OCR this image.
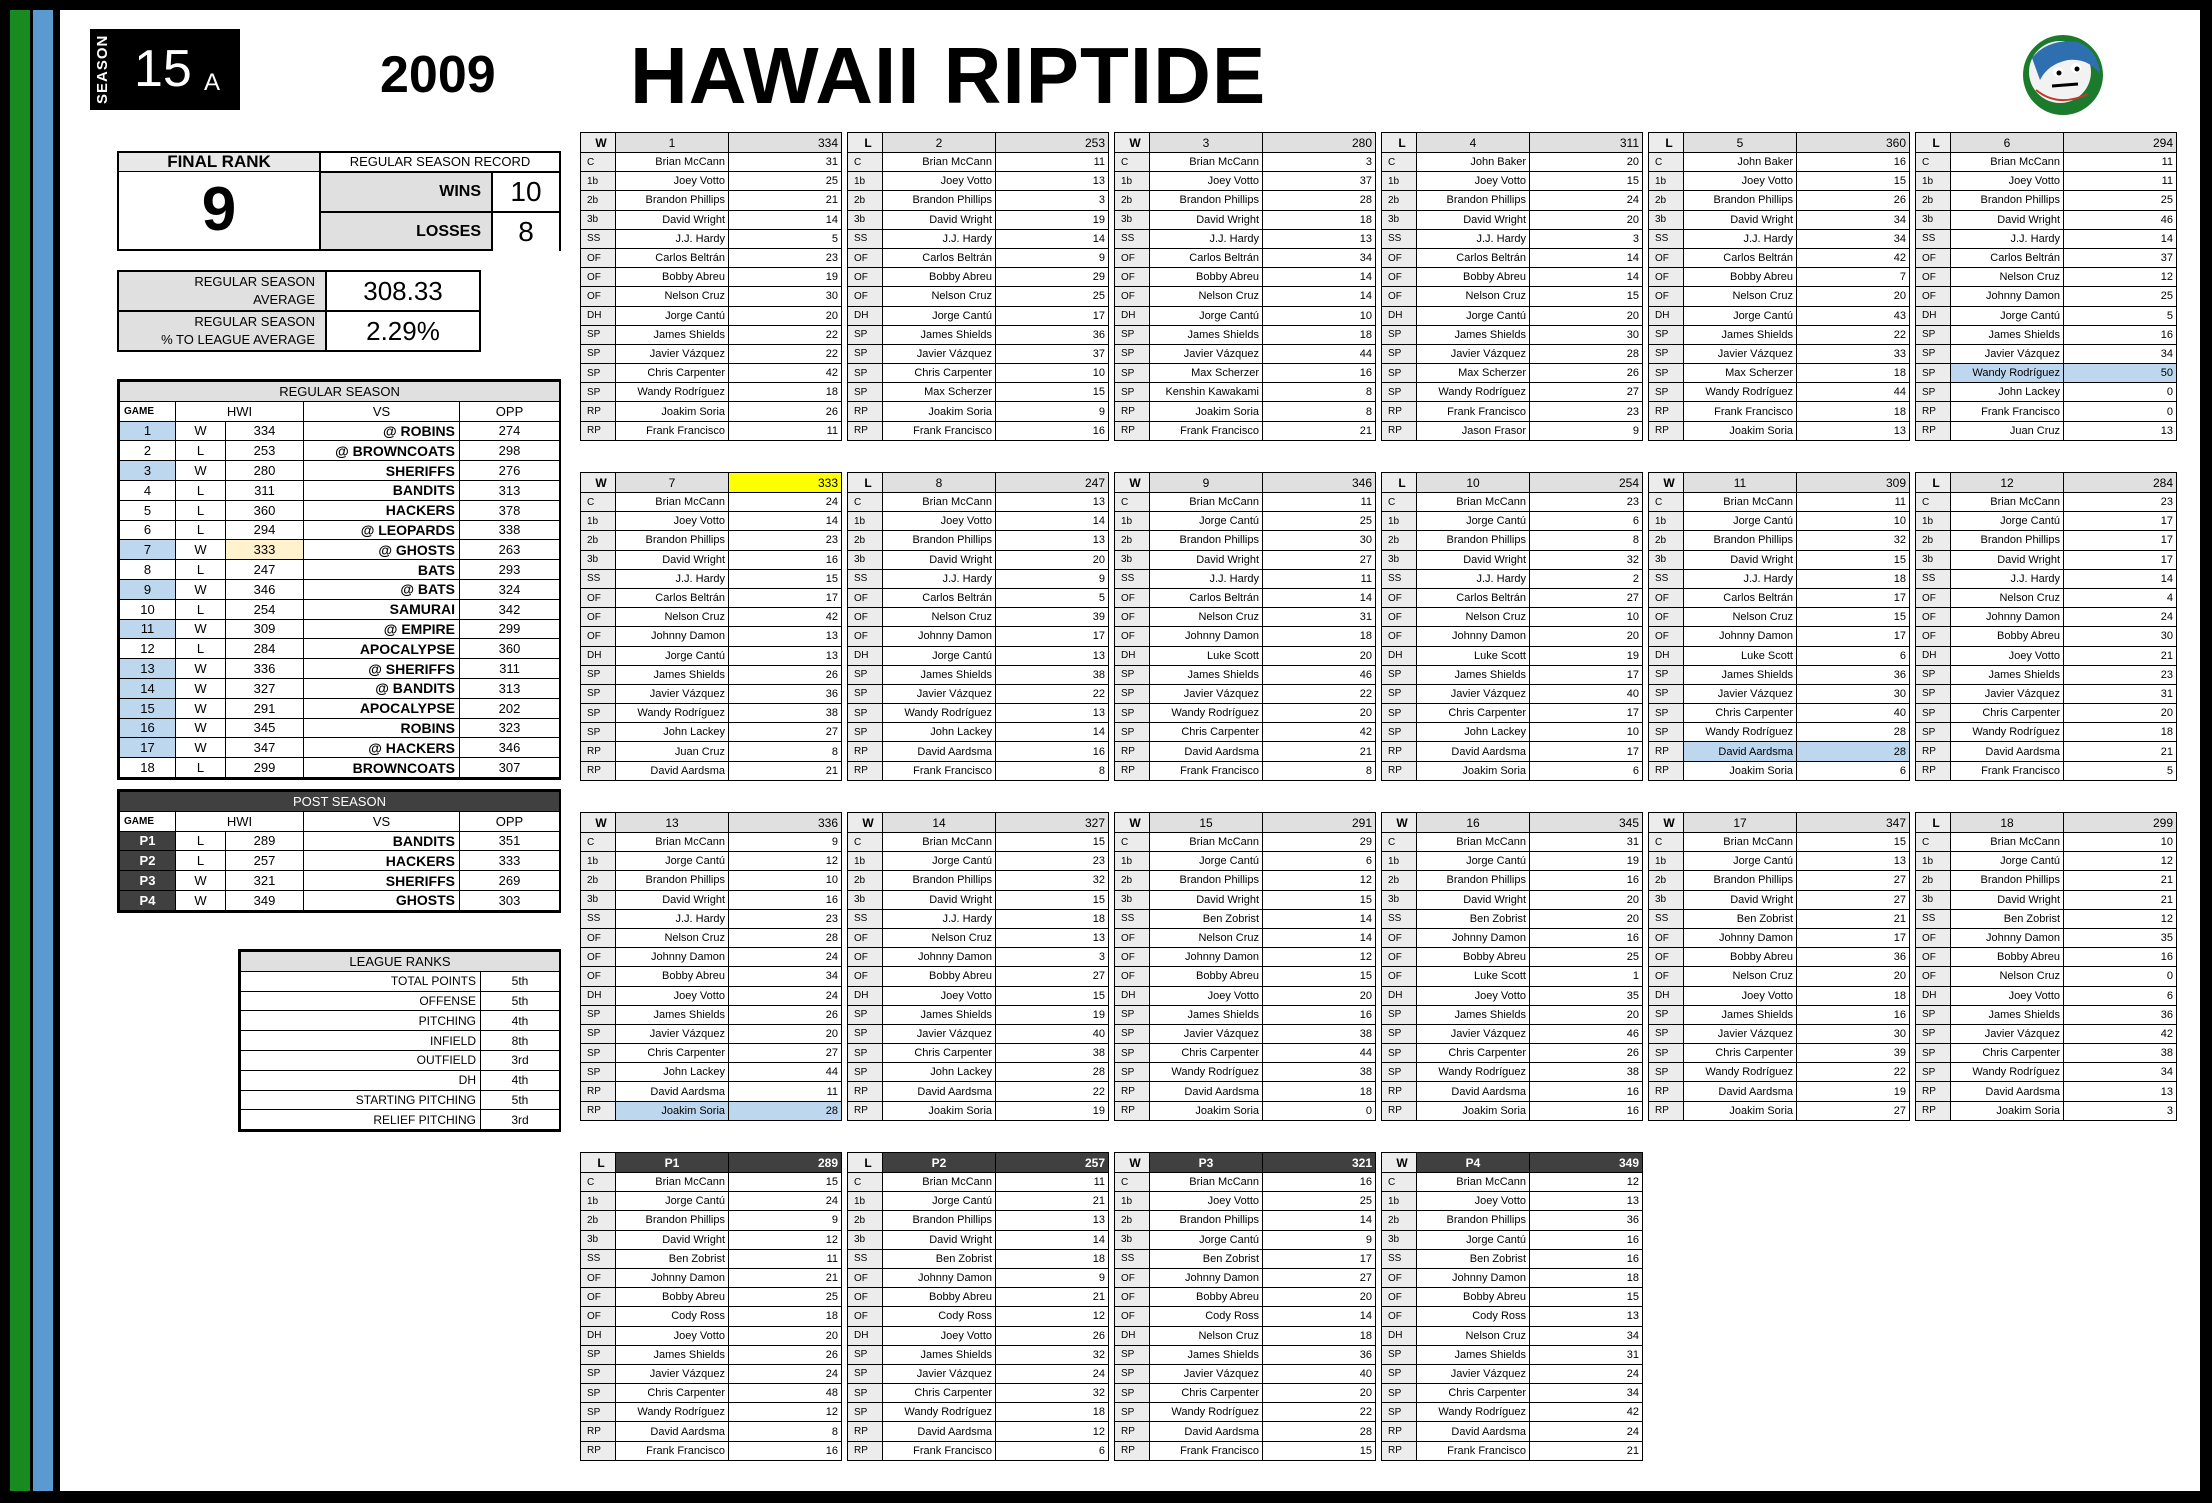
SEASON 15 A	2009 HAWAII RIPTIDE
FINAL RANK
9
REGULAR SEASON RECORD
WINS	10
LOSSES	8
REGULAR SEASON
AVERAGE	308.33
REGULAR SEASON
% TO LEAGUE AVERAGE	2.29%
REGULAR SEASON				
GAME	HWI		VS	OPP
1	W	334	@ ROBINS	274
2	L	253	@ BROWNCOATS	298
3	W	280	SHERIFFS	276
4	L	311	BANDITS	313
5	L	360	HACKERS	378
6	L	294	@ LEOPARDS	338
7	W	333	@ GHOSTS	263
8	L	247	BATS	293
9	W	346	@ BATS	324
10	L	254	SAMURAI	342
11	W	309	@ EMPIRE	299
12	L	284	APOCALYPSE	360
13	W	336	@ SHERIFFS	311
14	W	327	@ BANDITS	313
15	W	291	APOCALYPSE	202
16	W	345	ROBINS	323
17	W	347	@ HACKERS	346
18	L	299	BROWNCOATS	307
POST SEASON				
GAME	HWI		VS	OPP
P1	L	289	BANDITS	351
P2	L	257	HACKERS	333
P3	W	321	SHERIFFS	269
P4	W	349	GHOSTS	303
LEAGUE RANKS	
TOTAL POINTS	5th
OFFENSE	5th
PITCHING	4th
INFIELD	8th
OUTFIELD	3rd
DH	4th
STARTING PITCHING	5th
RELIEF PITCHING	3rd
W	1	334
C	Brian McCann	31
1b	Joey Votto	25
2b	Brandon Phillips	21
3b	David Wright	14
SS	J.J. Hardy	5
OF	Carlos Beltrán	23
OF	Bobby Abreu	19
OF	Nelson Cruz	30
DH	Jorge Cantú	20
SP	James Shields	22
SP	Javier Vázquez	22
SP	Chris Carpenter	42
SP	Wandy Rodríguez	18
RP	Joakim Soria	26
RP	Frank Francisco	11
L	2	253
C	Brian McCann	11
1b	Joey Votto	13
2b	Brandon Phillips	3
3b	David Wright	19
SS	J.J. Hardy	14
OF	Carlos Beltrán	9
OF	Bobby Abreu	29
OF	Nelson Cruz	25
DH	Jorge Cantú	17
SP	James Shields	36
SP	Javier Vázquez	37
SP	Chris Carpenter	10
SP	Max Scherzer	15
RP	Joakim Soria	9
RP	Frank Francisco	16
W	3	280
C	Brian McCann	3
1b	Joey Votto	37
2b	Brandon Phillips	28
3b	David Wright	18
SS	J.J. Hardy	13
OF	Carlos Beltrán	34
OF	Bobby Abreu	14
OF	Nelson Cruz	14
DH	Jorge Cantú	10
SP	James Shields	18
SP	Javier Vázquez	44
SP	Max Scherzer	16
SP	Kenshin Kawakami	8
RP	Joakim Soria	8
RP	Frank Francisco	21
L	4	311
C	John Baker	20
1b	Joey Votto	15
2b	Brandon Phillips	24
3b	David Wright	20
SS	J.J. Hardy	3
OF	Carlos Beltrán	14
OF	Bobby Abreu	14
OF	Nelson Cruz	15
DH	Jorge Cantú	20
SP	James Shields	30
SP	Javier Vázquez	28
SP	Max Scherzer	26
SP	Wandy Rodríguez	27
RP	Frank Francisco	23
RP	Jason Frasor	9
L	5	360
C	John Baker	16
1b	Joey Votto	15
2b	Brandon Phillips	26
3b	David Wright	34
SS	J.J. Hardy	34
OF	Carlos Beltrán	42
OF	Bobby Abreu	7
OF	Nelson Cruz	20
DH	Jorge Cantú	43
SP	James Shields	22
SP	Javier Vázquez	33
SP	Max Scherzer	18
SP	Wandy Rodríguez	44
RP	Frank Francisco	18
RP	Joakim Soria	13
L	6	294
C	Brian McCann	11
1b	Joey Votto	11
2b	Brandon Phillips	25
3b	David Wright	46
SS	J.J. Hardy	14
OF	Carlos Beltrán	37
OF	Nelson Cruz	12
OF	Johnny Damon	25
DH	Jorge Cantú	5
SP	James Shields	16
SP	Javier Vázquez	34
SP	Wandy Rodríguez	50
SP	John Lackey	0
RP	Frank Francisco	0
RP	Juan Cruz	13
W	7	333
C	Brian McCann	24
1b	Joey Votto	14
2b	Brandon Phillips	23
3b	David Wright	16
SS	J.J. Hardy	15
OF	Carlos Beltrán	17
OF	Nelson Cruz	42
OF	Johnny Damon	13
DH	Jorge Cantú	13
SP	James Shields	26
SP	Javier Vázquez	36
SP	Wandy Rodríguez	38
SP	John Lackey	27
RP	Juan Cruz	8
RP	David Aardsma	21
L	8	247
C	Brian McCann	13
1b	Joey Votto	14
2b	Brandon Phillips	13
3b	David Wright	20
SS	J.J. Hardy	9
OF	Carlos Beltrán	5
OF	Nelson Cruz	39
OF	Johnny Damon	17
DH	Jorge Cantú	13
SP	James Shields	38
SP	Javier Vázquez	22
SP	Wandy Rodríguez	13
SP	John Lackey	14
RP	David Aardsma	16
RP	Frank Francisco	8
W	9	346
C	Brian McCann	11
1b	Jorge Cantú	25
2b	Brandon Phillips	30
3b	David Wright	27
SS	J.J. Hardy	11
OF	Carlos Beltrán	14
OF	Nelson Cruz	31
OF	Johnny Damon	18
DH	Luke Scott	20
SP	James Shields	46
SP	Javier Vázquez	22
SP	Wandy Rodríguez	20
SP	Chris Carpenter	42
RP	David Aardsma	21
RP	Frank Francisco	8
L	10	254
C	Brian McCann	23
1b	Jorge Cantú	6
2b	Brandon Phillips	8
3b	David Wright	32
SS	J.J. Hardy	2
OF	Carlos Beltrán	27
OF	Nelson Cruz	10
OF	Johnny Damon	20
DH	Luke Scott	19
SP	James Shields	17
SP	Javier Vázquez	40
SP	Chris Carpenter	17
SP	John Lackey	10
RP	David Aardsma	17
RP	Joakim Soria	6
W	11	309
C	Brian McCann	11
1b	Jorge Cantú	10
2b	Brandon Phillips	32
3b	David Wright	15
SS	J.J. Hardy	18
OF	Carlos Beltrán	17
OF	Nelson Cruz	15
OF	Johnny Damon	17
DH	Luke Scott	6
SP	James Shields	36
SP	Javier Vázquez	30
SP	Chris Carpenter	40
SP	Wandy Rodríguez	28
RP	David Aardsma	28
RP	Joakim Soria	6
L	12	284
C	Brian McCann	23
1b	Jorge Cantú	17
2b	Brandon Phillips	17
3b	David Wright	17
SS	J.J. Hardy	14
OF	Nelson Cruz	4
OF	Johnny Damon	24
OF	Bobby Abreu	30
DH	Joey Votto	21
SP	James Shields	23
SP	Javier Vázquez	31
SP	Chris Carpenter	20
SP	Wandy Rodríguez	18
RP	David Aardsma	21
RP	Frank Francisco	5
W	13	336
C	Brian McCann	9
1b	Jorge Cantú	12
2b	Brandon Phillips	10
3b	David Wright	16
SS	J.J. Hardy	23
OF	Nelson Cruz	28
OF	Johnny Damon	24
OF	Bobby Abreu	34
DH	Joey Votto	24
SP	James Shields	26
SP	Javier Vázquez	20
SP	Chris Carpenter	27
SP	John Lackey	44
RP	David Aardsma	11
RP	Joakim Soria	28
W	14	327
C	Brian McCann	15
1b	Jorge Cantú	23
2b	Brandon Phillips	32
3b	David Wright	15
SS	J.J. Hardy	18
OF	Nelson Cruz	13
OF	Johnny Damon	3
OF	Bobby Abreu	27
DH	Joey Votto	15
SP	James Shields	19
SP	Javier Vázquez	40
SP	Chris Carpenter	38
SP	John Lackey	28
RP	David Aardsma	22
RP	Joakim Soria	19
W	15	291
C	Brian McCann	29
1b	Jorge Cantú	6
2b	Brandon Phillips	12
3b	David Wright	15
SS	Ben Zobrist	14
OF	Nelson Cruz	14
OF	Johnny Damon	12
OF	Bobby Abreu	15
DH	Joey Votto	20
SP	James Shields	16
SP	Javier Vázquez	38
SP	Chris Carpenter	44
SP	Wandy Rodríguez	38
RP	David Aardsma	18
RP	Joakim Soria	0
W	16	345
C	Brian McCann	31
1b	Jorge Cantú	19
2b	Brandon Phillips	16
3b	David Wright	20
SS	Ben Zobrist	20
OF	Johnny Damon	16
OF	Bobby Abreu	25
OF	Luke Scott	1
DH	Joey Votto	35
SP	James Shields	20
SP	Javier Vázquez	46
SP	Chris Carpenter	26
SP	Wandy Rodríguez	38
RP	David Aardsma	16
RP	Joakim Soria	16
W	17	347
C	Brian McCann	15
1b	Jorge Cantú	13
2b	Brandon Phillips	27
3b	David Wright	27
SS	Ben Zobrist	21
OF	Johnny Damon	17
OF	Bobby Abreu	36
OF	Nelson Cruz	20
DH	Joey Votto	18
SP	James Shields	16
SP	Javier Vázquez	30
SP	Chris Carpenter	39
SP	Wandy Rodríguez	22
RP	David Aardsma	19
RP	Joakim Soria	27
L	18	299
C	Brian McCann	10
1b	Jorge Cantú	12
2b	Brandon Phillips	21
3b	David Wright	21
SS	Ben Zobrist	12
OF	Johnny Damon	35
OF	Bobby Abreu	16
OF	Nelson Cruz	0
DH	Joey Votto	6
SP	James Shields	36
SP	Javier Vázquez	42
SP	Chris Carpenter	38
SP	Wandy Rodríguez	34
RP	David Aardsma	13
RP	Joakim Soria	3
L	P1	289
C	Brian McCann	15
1b	Jorge Cantú	24
2b	Brandon Phillips	9
3b	David Wright	12
SS	Ben Zobrist	11
OF	Johnny Damon	21
OF	Bobby Abreu	25
OF	Cody Ross	18
DH	Joey Votto	20
SP	James Shields	26
SP	Javier Vázquez	24
SP	Chris Carpenter	48
SP	Wandy Rodríguez	12
RP	David Aardsma	8
RP	Frank Francisco	16
L	P2	257
C	Brian McCann	11
1b	Jorge Cantú	21
2b	Brandon Phillips	13
3b	David Wright	14
SS	Ben Zobrist	18
OF	Johnny Damon	9
OF	Bobby Abreu	21
OF	Cody Ross	12
DH	Joey Votto	26
SP	James Shields	32
SP	Javier Vázquez	24
SP	Chris Carpenter	32
SP	Wandy Rodríguez	18
RP	David Aardsma	12
RP	Frank Francisco	6
W	P3	321
C	Brian McCann	16
1b	Joey Votto	25
2b	Brandon Phillips	14
3b	Jorge Cantú	9
SS	Ben Zobrist	17
OF	Johnny Damon	27
OF	Bobby Abreu	20
OF	Cody Ross	14
DH	Nelson Cruz	18
SP	James Shields	36
SP	Javier Vázquez	40
SP	Chris Carpenter	20
SP	Wandy Rodríguez	22
RP	David Aardsma	28
RP	Frank Francisco	15
W	P4	349
C	Brian McCann	12
1b	Joey Votto	13
2b	Brandon Phillips	36
3b	Jorge Cantú	16
SS	Ben Zobrist	16
OF	Johnny Damon	18
OF	Bobby Abreu	15
OF	Cody Ross	13
DH	Nelson Cruz	34
SP	James Shields	31
SP	Javier Vázquez	24
SP	Chris Carpenter	34
SP	Wandy Rodríguez	42
RP	David Aardsma	24
RP	Frank Francisco	21
